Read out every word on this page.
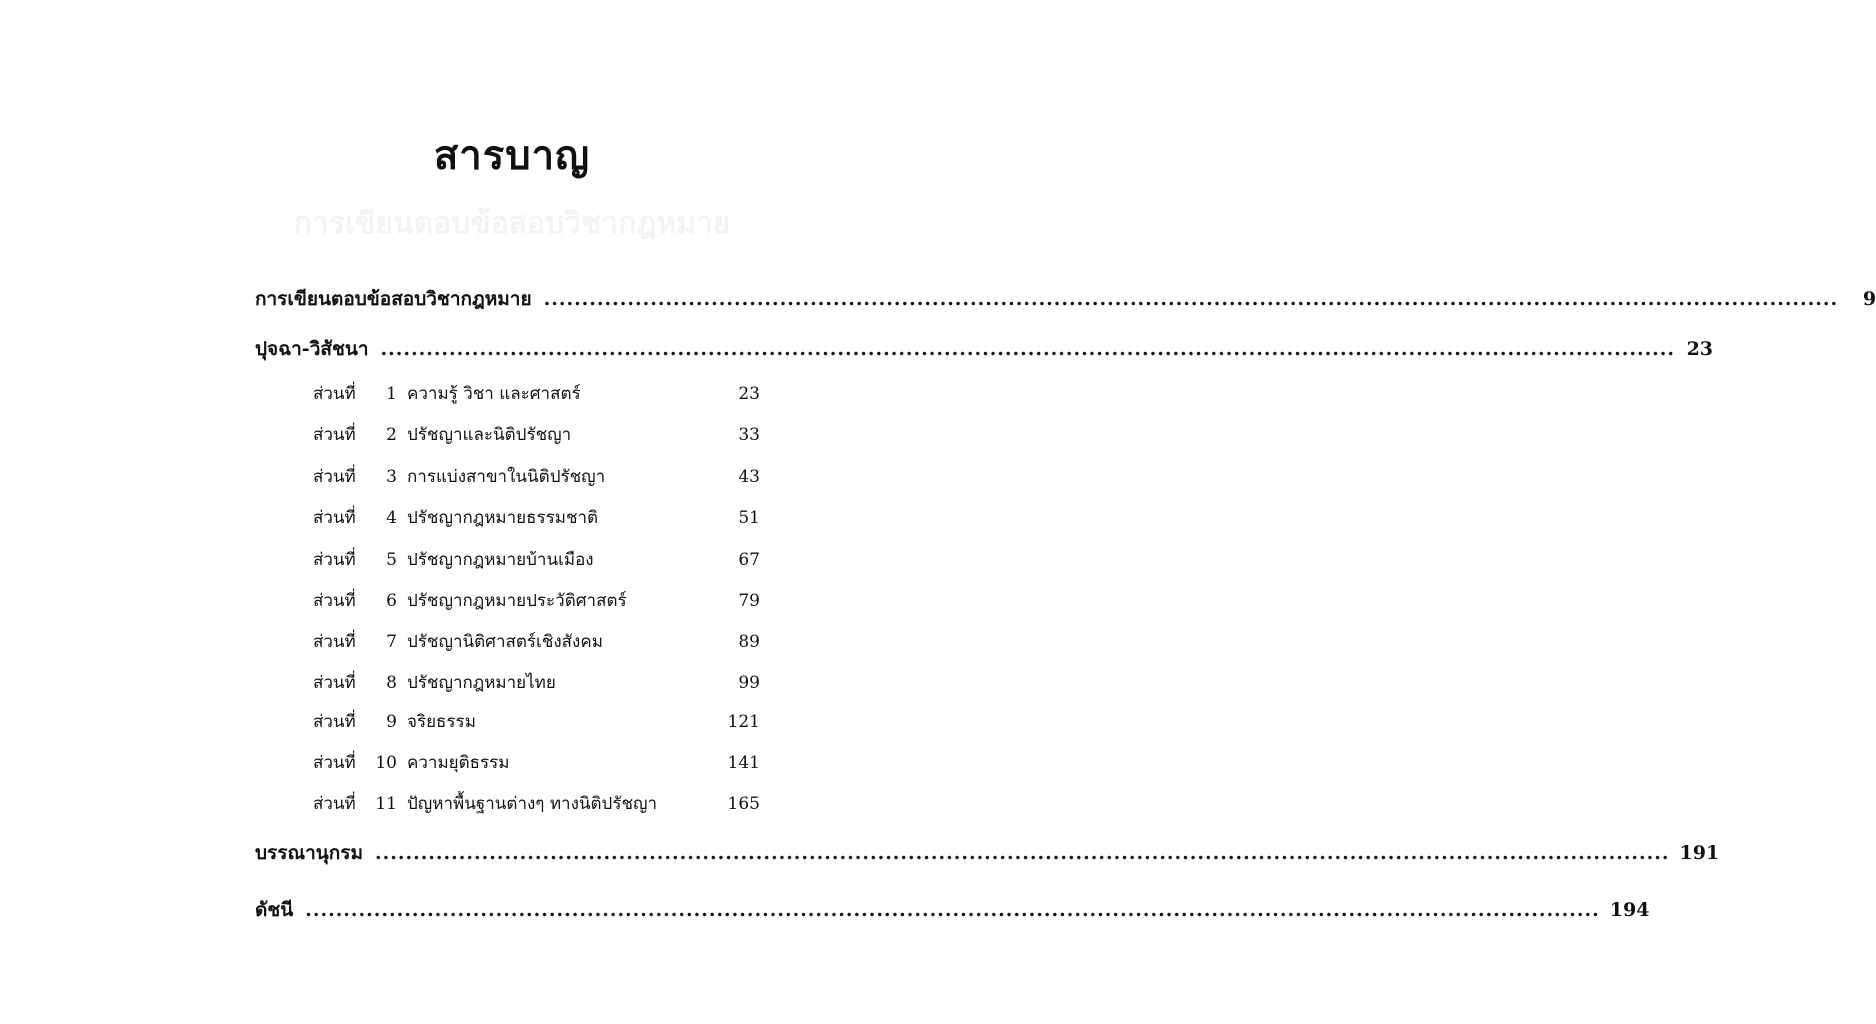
สารบาญ
การเขียนตอบข้อสอบวิชากฎหมาย ..........................................................................................................................................................................	9
ปุจฉา-วิสัชนา .......................................................................................................................................................................... 23
ส่วนที่	1 ความรู้ วิชา และศาสตร์	23
ส่วนที่	2 ปรัชญาและนิติปรัชญา	33
ส่วนที่	3 การแบ่งสาขาในนิติปรัชญา	43
ส่วนที่	4 ปรัชญากฎหมายธรรมชาติ	51
ส่วนที่	5 ปรัชญากฎหมายบ้านเมือง	67
ส่วนที่	6 ปรัชญากฎหมายประวัติศาสตร์	79
ส่วนที่	7 ปรัชญานิติศาสตร์เชิงสังคม	89
ส่วนที่	8 ปรัชญากฎหมายไทย	99
ส่วนที่	9 จริยธรรม	121
ส่วนที่	10 ความยุติธรรม	141
ส่วนที่	11 ปัญหาพื้นฐานต่างๆ ทางนิติปรัชญา	165
บรรณานุกรม .......................................................................................................................................................................... 191
ดัชนี .......................................................................................................................................................................... 194
